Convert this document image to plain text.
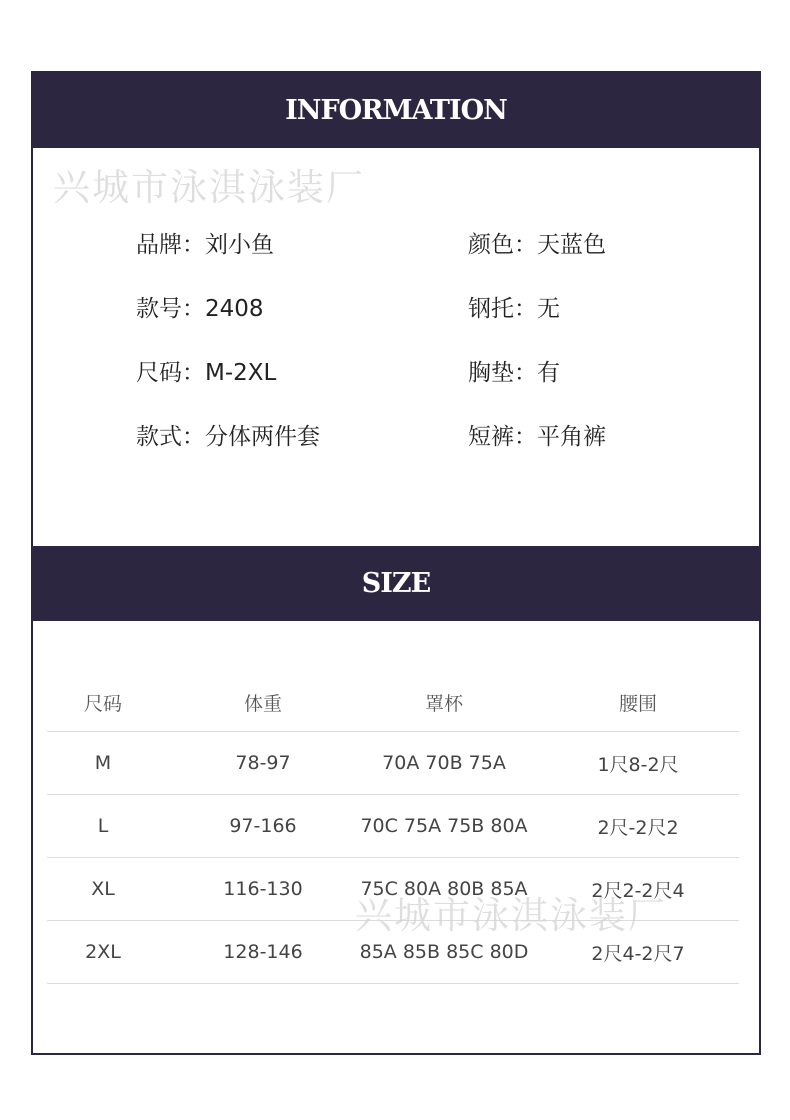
INFORMATION
兴城市泳淇泳装厂
品牌：刘小鱼	颜色：天蓝色
款号：2408	钢托：无
尺码：M-2XL	胸垫：有
款式：分体两件套	短裤：平角裤
SIZE
尺码	体重	罩杯	腰围
M	78-97	70A 70B 75A	1尺8-2尺
L	97-166	70C 75A 75B 80A	2尺-2尺2
XL	116-130	75C 80A 80B 85A	2尺2-2尺4
2XL	128-146	85A 85B 85C 80D	2尺4-2尺7
兴城市泳淇泳装厂
